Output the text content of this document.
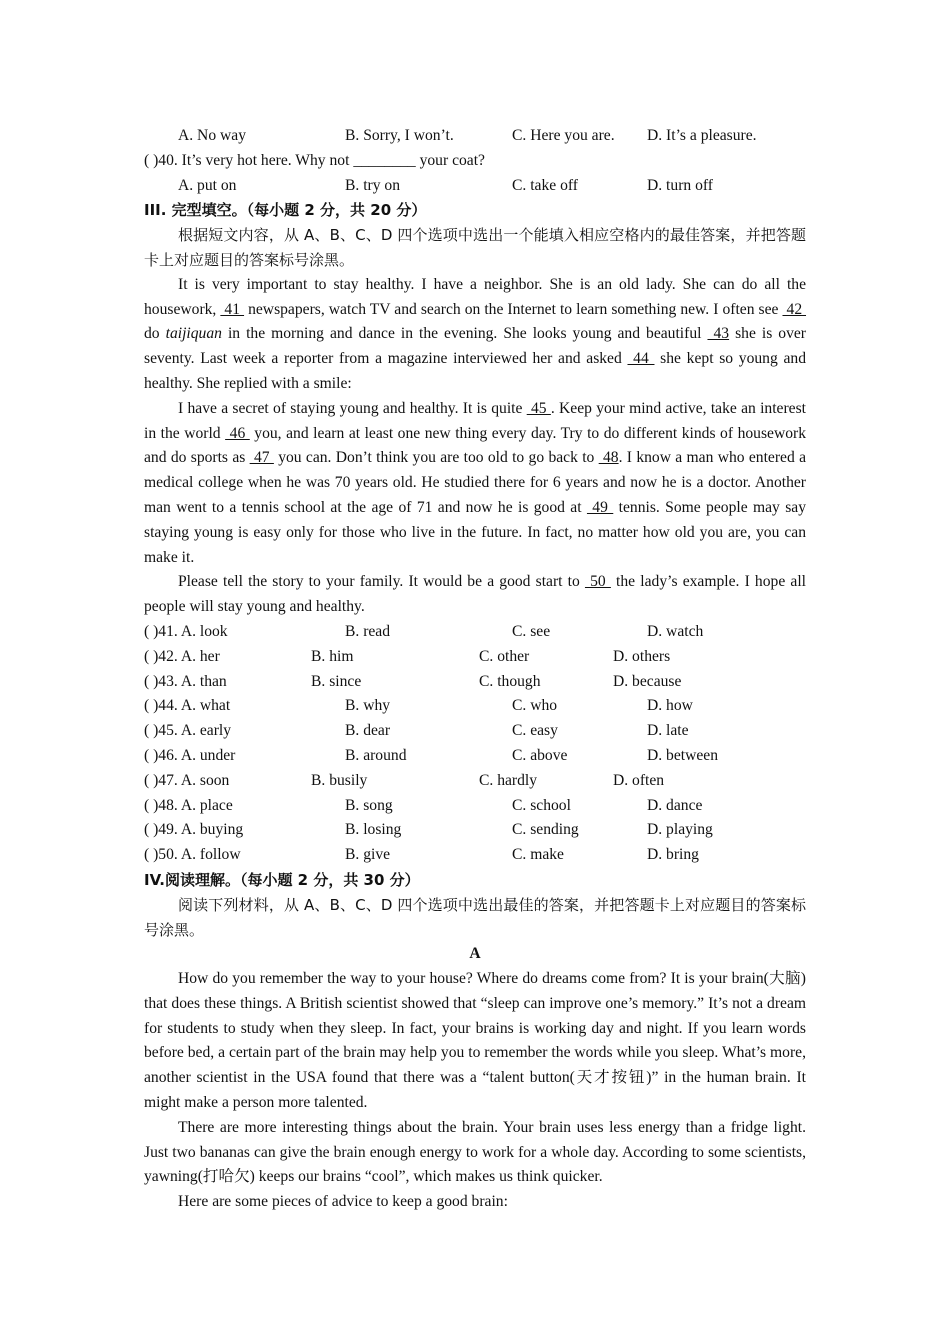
A. No way	B. Sorry, I won’t.	C. Here you are. D. It’s a pleasure.
( )40. It’s very hot here. Why not ________ your coat?
A. put on	B. try on	C. take off	D. turn off
III. 完型填空。（每小题 2 分，共 20 分）

根据短文内容，从 A、B、C、D 四个选项中选出一个能填入相应空格内的最佳答案，并把答题卡上对应题目的答案标号涂黑。

It is very important to stay healthy. I have a neighbor. She is an old lady. She can do all the housework,  41  newspapers, watch TV and search on the Internet to learn something new. I often see  42  do taijiquan in the morning and dance in the evening. She looks young and beautiful  43 she is over seventy. Last week a reporter from a magazine interviewed her and asked  44  she kept so young and healthy. She replied with a smile:

I have a secret of staying young and healthy. It is quite  45 . Keep your mind active, take an interest in the world  46  you, and learn at least one new thing every day. Try to do different kinds of housework and do sports as  47  you can. Don’t think you are too old to go back to  48. I know a man who entered a medical college when he was 70 years old. He studied there for 6 years and now he is a doctor. Another man went to a tennis school at the age of 71 and now he is good at  49  tennis. Some people may say staying young is easy only for those who live in the future. In fact, no matter how old you are, you can make it.

Please tell the story to your family. It would be a good start to  50  the lady’s example. I hope all people will stay young and healthy.

( )41. A. look	B. read	C. see	D. watch
( )42. A. her	B. him	C. other	D. others
( )43. A. than	B. since	C. though	D. because
( )44. A. what	B. why	C. who	D. how
( )45. A. early	B. dear	C. easy	D. late
( )46. A. under	B. around	C. above	D. between
( )47. A. soon	B. busily	C. hardly	D. often
( )48. A. place	B. song	C. school	D. dance
( )49. A. buying	B. losing	C. sending	D. playing
( )50. A. follow	B. give	C. make	D. bring
IV.阅读理解。（每小题 2 分，共 30 分）

阅读下列材料，从 A、B、C、D 四个选项中选出最佳的答案，并把答题卡上对应题目的答案标号涂黑。

A

How do you remember the way to your house? Where do dreams come from? It is your brain(大脑) that does these things. A British scientist showed that “sleep can improve one’s memory.” It’s not a dream for students to study when they sleep. In fact, your brains is working day and night. If you learn words before bed, a certain part of the brain may help you to remember the words while you sleep. What’s more, another scientist in the USA found that there was a “talent button(天才按钮)” in the human brain. It might make a person more talented.

There are more interesting things about the brain. Your brain uses less energy than a fridge light. Just two bananas can give the brain enough energy to work for a whole day. According to some scientists, yawning(打哈欠) keeps our brains “cool”, which makes us think quicker.

Here are some pieces of advice to keep a good brain:
